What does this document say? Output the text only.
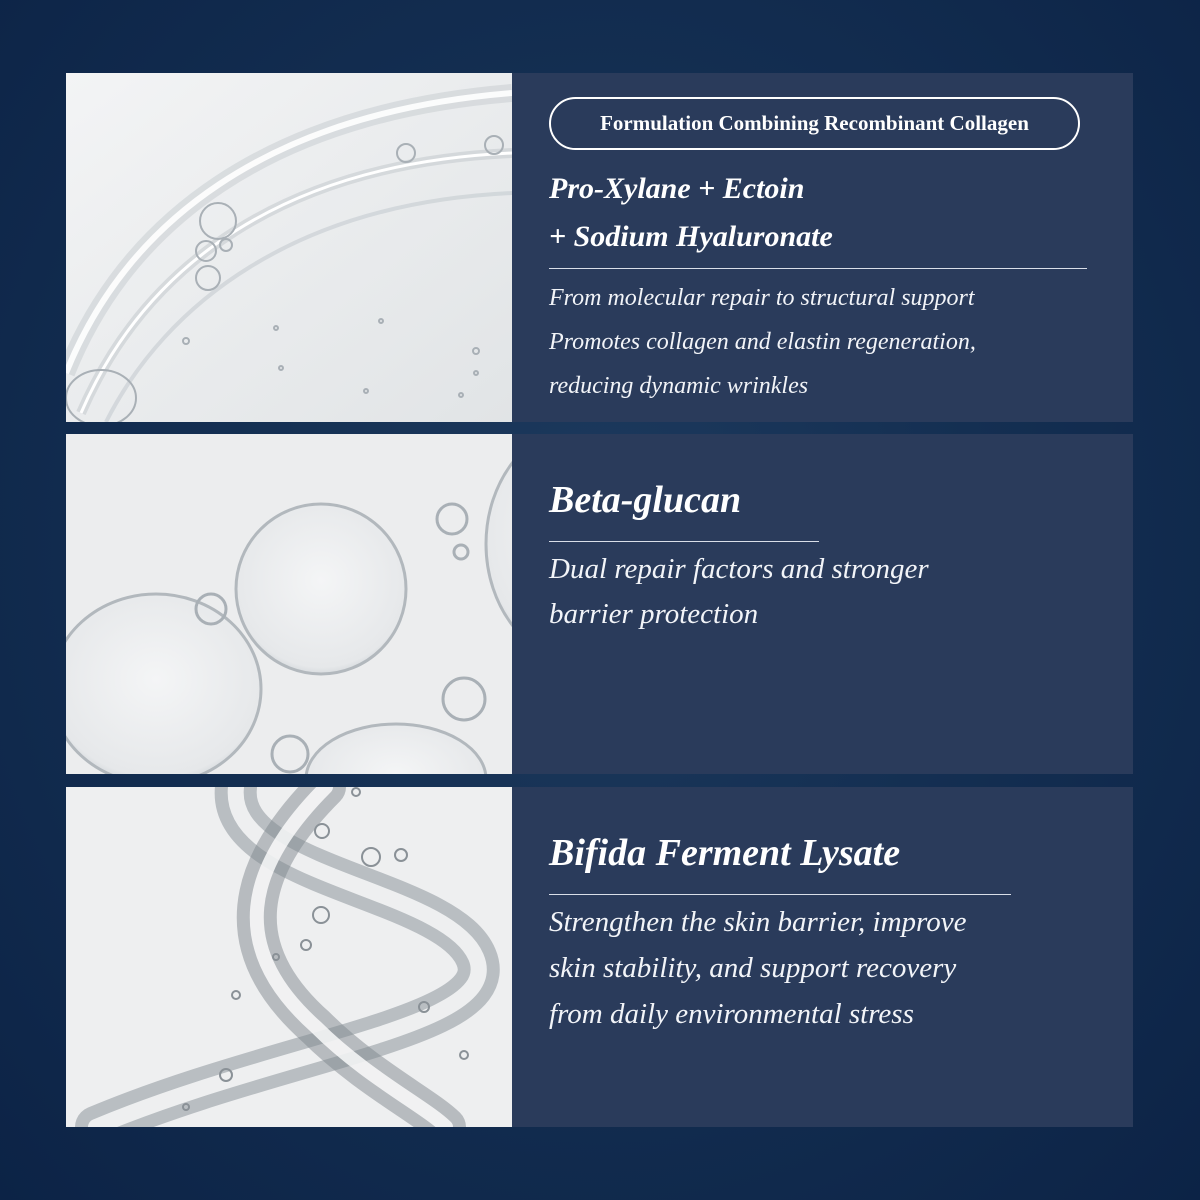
Formulation Combining Recombinant Collagen
Pro-Xylane + Ectoin
+ Sodium Hyaluronate

From molecular repair to structural support
Promotes collagen and elastin regeneration,
reducing dynamic wrinkles

Beta-glucan

Dual repair factors and stronger
barrier protection

Bifida Ferment Lysate

Strengthen the skin barrier, improve
skin stability, and support recovery
from daily environmental stress
